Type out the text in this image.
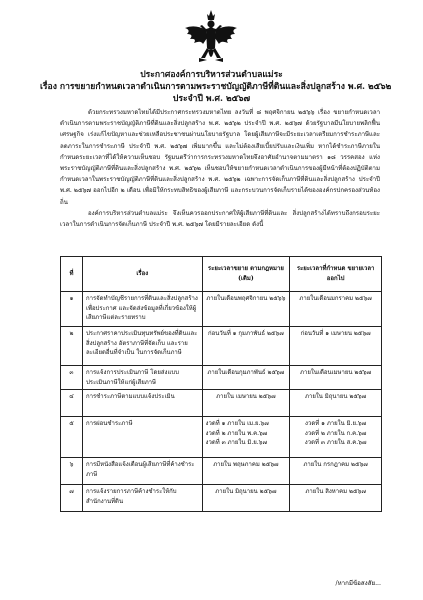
ประกาศองค์การบริหารส่วนตำบลแม่ระ
เรื่อง การขยายกำหนดเวลาดำเนินการตามพระราชบัญญัติภาษีที่ดินและสิ่งปลูกสร้าง พ.ศ. ๒๕๖๒
ประจำปี พ.ศ. ๒๕๖๗

ด้วยกระทรวงมหาดไทยได้มีประกาศกระทรวงมหาดไทย ลงวันที่ ๘ พฤศจิกายน ๒๕๖๖ เรื่อง ขยายกำหนดเวลาดำเนินการตามพระราชบัญญัติภาษีที่ดินและสิ่งปลูกสร้าง พ.ศ. ๒๕๖๒ ประจำปี พ.ศ. ๒๕๖๗ ด้วยรัฐบาลมีนโยบายพลิกฟื้นเศรษฐกิจ เร่งแก้ไขปัญหาและช่วยเหลือประชาชนผ่านนโยบายรัฐบาล โดยผู้เสียภาษีจะมีระยะเวลาเตรียมการชำระภาษีและลดภาระในการชำระภาษี ประจำปี พ.ศ. ๒๕๖๗ เพิ่มมากขึ้น และไม่ต้องเสียเบี้ยปรับและเงินเพิ่ม หากได้ชำระภาษีภายในกำหนดระยะเวลาที่ได้ให้ความเห็นชอบ รัฐมนตรีว่าการกระทรวงมหาดไทยจึงอาศัยอำนาจตามมาตรา ๑๘ วรรคสอง แห่งพระราชบัญญัติภาษีที่ดินและสิ่งปลูกสร้าง พ.ศ. ๒๕๖๒ เห็นชอบให้ขยายกำหนดเวลาดำเนินการของผู้มีหน้าที่ต้องปฏิบัติตามกำหนดเวลาในพระราชบัญญัติภาษีที่ดินและสิ่งปลูกสร้าง พ.ศ. ๒๕๖๒ เฉพาะการจัดเก็บภาษีที่ดินและสิ่งปลูกสร้าง ประจำปี พ.ศ. ๒๕๖๗ ออกไปอีก ๒ เดือน เพื่อมิให้กระทบสิทธิของผู้เสียภาษี และกระบวนการจัดเก็บรายได้ขององค์กรปกครองส่วนท้องถิ่น

องค์การบริหารส่วนตำบลแม่ระ จึงเห็นควรออกประกาศให้ผู้เสียภาษีที่ดินและ สิ่งปลูกสร้างได้ทราบถึงกรอบระยะเวลาในการดำเนินการจัดเก็บภาษี ประจำปี พ.ศ. ๒๕๖๗ โดยมีรายละเอียด ดังนี้

ที่	เรื่อง	ระยะเวลาขยาย ตามกฎหมาย (เดิม)	ระยะเวลาที่กำหนด ขยายเวลาออกไป
๑	การจัดทำบัญชีรายการที่ดินและสิ่งปลูกสร้างเพื่อประกาศ และจัดส่งข้อมูลที่เกี่ยวข้องให้ผู้เสียภาษีแต่ละรายทราบ	ภายในเดือนพฤศจิกายน ๒๕๖๖	ภายในเดือนมกราคม ๒๕๖๗
๒	ประกาศราคาประเมินทุนทรัพย์ของที่ดินและสิ่งปลูกสร้าง อัตราภาษีที่จัดเก็บ และรายละเอียดอื่นที่จำเป็น ในการจัดเก็บภาษี	ก่อนวันที่ ๑ กุมภาพันธ์ ๒๕๖๗	ก่อนวันที่ ๑ เมษายน ๒๕๖๗
๓	การแจ้งการประเมินภาษี โดยส่งแบบประเมินภาษีให้แก่ผู้เสียภาษี	ภายในเดือนกุมภาพันธ์ ๒๕๖๗	ภายในเดือนเมษายน ๒๕๖๗
๔	การชำระภาษีตามแบบแจ้งประเมิน	ภายใน เมษายน ๒๕๖๗	ภายใน มิถุนายน ๒๕๖๗
๕	การผ่อนชำระภาษี	งวดที่ ๑ ภายใน เม.ย.๖๗
งวดที่ ๒ ภายใน พ.ค.๖๗
งวดที่ ๓ ภายใน มิ.ย.๖๗	งวดที่ ๑ ภายใน มิ.ย.๖๗
งวดที่ ๒ ภายใน ก.ค.๖๗
งวดที่ ๓ ภายใน ส.ค.๖๗

๖	การมีหนังสือแจ้งเตือนผู้เสียภาษีที่ค้างชำระภาษี	ภายใน พฤษภาคม ๒๕๖๗	ภายใน กรกฎาคม ๒๕๖๗
๗	การแจ้งรายการภาษีค้างชำระให้กับสำนักงานที่ดิน	ภายใน มิถุนายน ๒๕๖๗	ภายใน สิงหาคม ๒๕๖๗
/หากมีข้อสงสัย...
